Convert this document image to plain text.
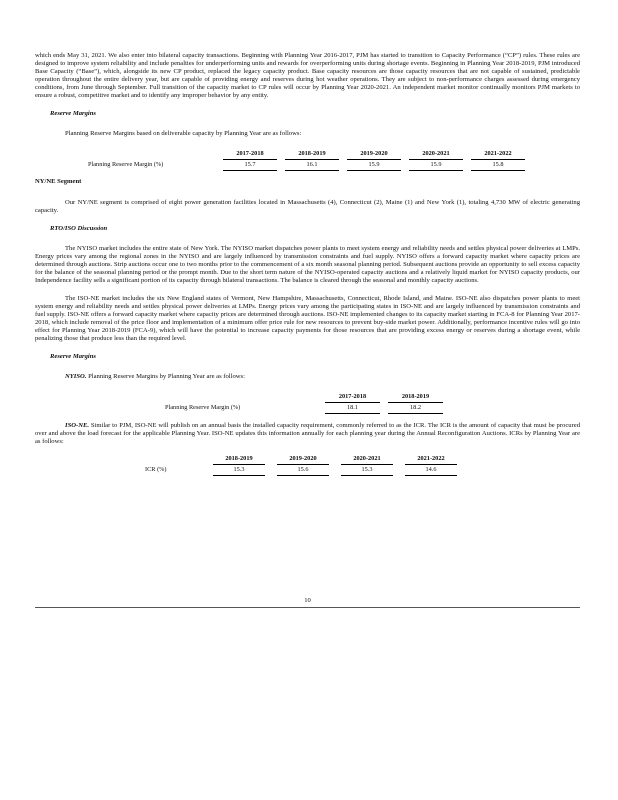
which ends May 31, 2021. We also enter into bilateral capacity transactions. Beginning with Planning Year 2016-2017, PJM has started to transition to Capacity Performance (“CP”) rules. These rules are designed to improve system reliability and include penalties for underperforming units and rewards for overperforming units during shortage events. Beginning in Planning Year 2018-2019, PJM introduced Base Capacity (“Base”), which, alongside its new CP product, replaced the legacy capacity product. Base capacity resources are those capacity resources that are not capable of sustained, predictable operation throughout the entire delivery year, but are capable of providing energy and reserves during hot weather operations. They are subject to non-performance charges assessed during emergency conditions, from June through September. Full transition of the capacity market to CP rules will occur by Planning Year 2020-2021. An independent market monitor continually monitors PJM markets to ensure a robust, competitive market and to identify any improper behavior by any entity.

Reserve Margins
Planning Reserve Margins based on deliverable capacity by Planning Year are as follows:
	2017-2018		2018-2019		2019-2020		2020-2021		2021-2022
Planning Reserve Margin (%)	15.7		16.1		15.9		15.9		15.8
NY/NE Segment

Our NY/NE segment is comprised of eight power generation facilities located in Massachusetts (4), Connecticut (2), Maine (1) and New York (1), totaling 4,730 MW of electric generating capacity.

RTO/ISO Discussion

The NYISO market includes the entire state of New York. The NYISO market dispatches power plants to meet system energy and reliability needs and settles physical power deliveries at LMPs. Energy prices vary among the regional zones in the NYISO and are largely influenced by transmission constraints and fuel supply. NYISO offers a forward capacity market where capacity prices are determined through auctions. Strip auctions occur one to two months prior to the commencement of a six month seasonal planning period. Subsequent auctions provide an opportunity to sell excess capacity for the balance of the seasonal planning period or the prompt month. Due to the short term nature of the NYISO-operated capacity auctions and a relatively liquid market for NYISO capacity products, our Independence facility sells a significant portion of its capacity through bilateral transactions. The balance is cleared through the seasonal and monthly capacity auctions.

The ISO-NE market includes the six New England states of Vermont, New Hampshire, Massachusetts, Connecticut, Rhode Island, and Maine. ISO-NE also dispatches power plants to meet system energy and reliability needs and settles physical power deliveries at LMPs. Energy prices vary among the participating states in ISO-NE and are largely influenced by transmission constraints and fuel supply. ISO-NE offers a forward capacity market where capacity prices are determined through auctions. ISO-NE implemented changes to its capacity market starting in FCA-8 for Planning Year 2017-2018, which include removal of the price floor and implementation of a minimum offer price rule for new resources to prevent buy-side market power. Additionally, performance incentive rules will go into effect for Planning Year 2018-2019 (FCA-9), which will have the potential to increase capacity payments for those resources that are providing excess energy or reserves during a shortage event, while penalizing those that produce less than the required level.

Reserve Margins
NYISO. Planning Reserve Margins by Planning Year are as follows:
	2017-2018		2018-2019
Planning Reserve Margin (%)	18.1		18.2

ISO-NE. Similar to PJM, ISO-NE will publish on an annual basis the installed capacity requirement, commonly referred to as the ICR. The ICR is the amount of capacity that must be procured over and above the load forecast for the applicable Planning Year. ISO-NE updates this information annually for each planning year during the Annual Reconfiguration Auctions. ICRs by Planning Year are as follows:

	2018-2019		2019-2020		2020-2021		2021-2022
ICR (%)	15.3		15.6		15.3		14.6
10
